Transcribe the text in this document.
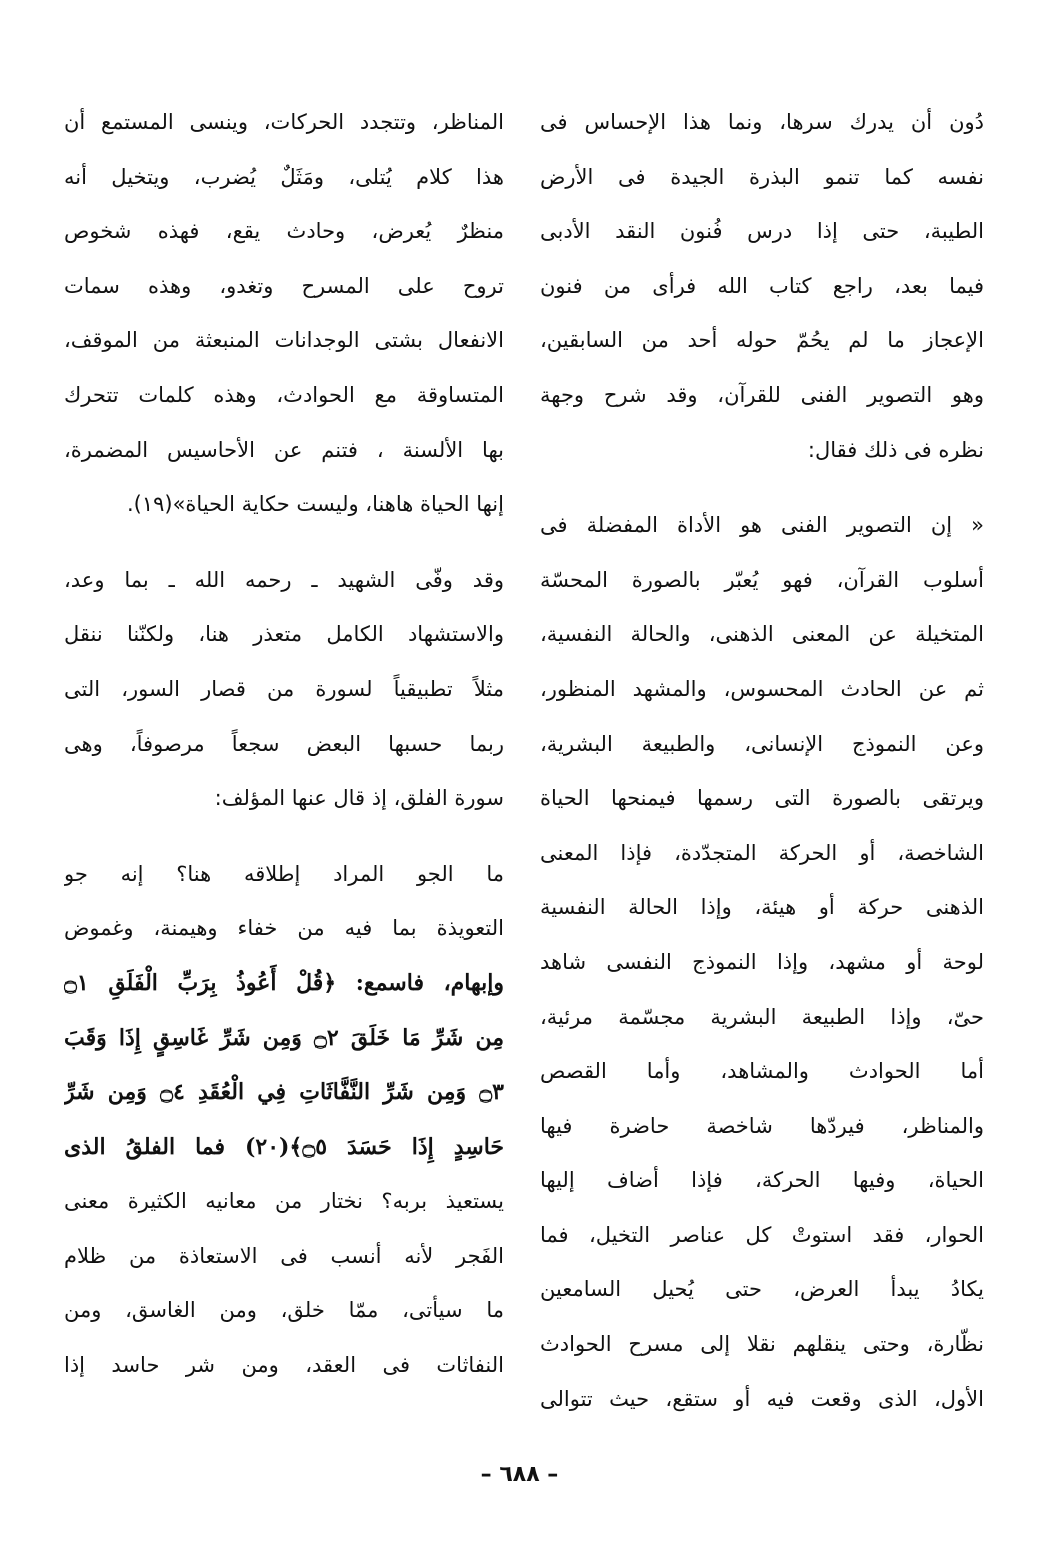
دُون أن يدرك سرها، ونما هذا الإحساس فى
نفسه كما تنمو البذرة الجيدة فى الأرض
الطيبة، حتى إذا درس فُنون النقد الأدبى
فيما بعد، راجع كتاب الله فرأى من فنون
الإعجاز ما لم يحُمّ حوله أحد من السابقين،
وهو التصوير الفنى للقرآن، وقد شرح وجهة
نظره فى ذلك فقال:
« إن التصوير الفنى هو الأداة المفضلة فى
أسلوب القرآن، فهو يُعبّر بالصورة المحسّة
المتخيلة عن المعنى الذهنى، والحالة النفسية،
ثم عن الحادث المحسوس، والمشهد المنظور،
وعن النموذج الإنسانى، والطبيعة البشرية،
ويرتقى بالصورة التى رسمها فيمنحها الحياة
الشاخصة، أو الحركة المتجدّدة، فإذا المعنى
الذهنى حركة أو هيئة، وإذا الحالة النفسية
لوحة أو مشهد، وإذا النموذج النفسى شاهد
حىّ، وإذا الطبيعة البشرية مجسّمة مرئية،
أما الحوادث والمشاهد، وأما القصص
والمناظر، فيردّها شاخصة حاضرة فيها
الحياة، وفيها الحركة، فإذا أضاف إليها
الحوار، فقد استوتْ كل عناصر التخيل، فما
يكادُ يبدأ العرض، حتى يُحيل السامعين
نظّارة، وحتى ينقلهم نقلا إلى مسرح الحوادث
الأول، الذى وقعت فيه أو ستقع، حيث تتوالى
المناظر، وتتجدد الحركات، وينسى المستمع أن
هذا كلام يُتلى، ومَثَلٌ يُضرب، ويتخيل أنه
منظرٌ يُعرض، وحادث يقع، فهذه شخوص
تروح على المسرح وتغدو، وهذه سمات
الانفعال بشتى الوجدانات المنبعثة من الموقف،
المتساوقة مع الحوادث، وهذه كلمات تتحرك
بها الألسنة ، فتنم عن الأحاسيس المضمرة،
إنها الحياة هاهنا، وليست حكاية الحياة»(١٩).
وقد وفّى الشهيد ـ رحمه الله ـ بما وعد،
والاستشهاد الكامل متعذر هنا، ولكنّنا ننقل
مثلاً تطبيقياً لسورة من قصار السور، التى
ربما حسبها البعض سجعاً مرصوفاً، وهى
سورة الفلق، إذ قال عنها المؤلف:
ما الجو المراد إطلاقه هنا؟ إنه جو
التعويذة بما فيه من خفاء وهيمنة، وغموض
وإبهام، فاسمع: ﴿قُلْ أَعُوذُ بِرَبِّ الْفَلَقِ ۝١
مِن شَرِّ مَا خَلَقَ ۝٢ وَمِن شَرِّ غَاسِقٍ إِذَا وَقَبَ
۝٣ وَمِن شَرِّ النَّفَّاثَاتِ فِي الْعُقَدِ ۝٤ وَمِن شَرِّ
حَاسِدٍ إِذَا حَسَدَ ۝٥﴾(٢٠) فما الفلقُ الذى
يستعيذ بربه؟ نختار من معانيه الكثيرة معنى
الفَجر لأنه أنسب فى الاستعاذة من ظلام
ما سيأتى، ممّا خلق، ومن الغاسق، ومن
النفاثات فى العقد، ومن شر حاسد إذا
– ٦٨٨ –
